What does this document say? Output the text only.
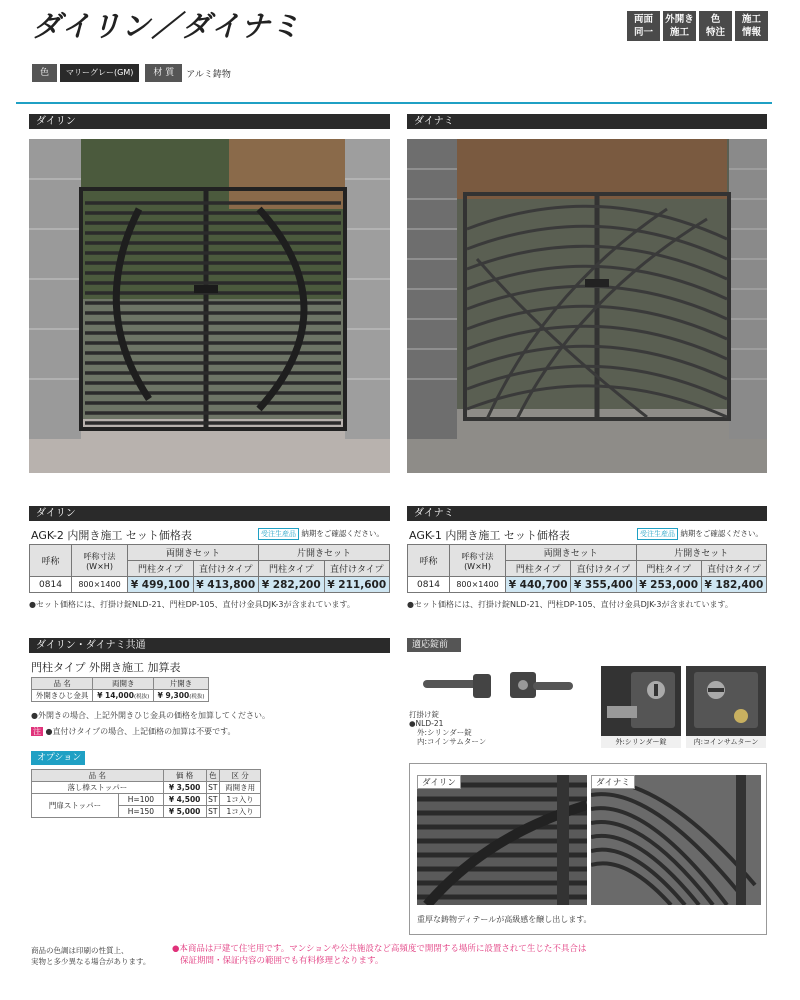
ダイリン／ダイナミ	両面
同一
外開き
施工
色
特注
施工
情報
色	マリーグレー(GM)	材 質	アルミ鋳物
ダイリン	ダイナミ
ダイリン
AGK-2 内開き施工 セット価格表	受注生産品 納期をご確認ください。
呼称	呼称寸法
(W×H)	両開きセット		片開きセット	
		門柱タイプ	直付けタイプ	門柱タイプ	直付けタイプ
0814	800×1400	¥ 499,100	¥ 413,800	¥ 282,200	¥ 211,600
●セット価格には、打掛け錠NLD-21、門柱DP-105、直付け金具DJK-3が含まれています。
ダイナミ
AGK-1 内開き施工 セット価格表	受注生産品 納期をご確認ください。
呼称	呼称寸法
(W×H)	両開きセット		片開きセット	
		門柱タイプ	直付けタイプ	門柱タイプ	直付けタイプ
0814	800×1400	¥ 440,700	¥ 355,400	¥ 253,000	¥ 182,400
●セット価格には、打掛け錠NLD-21、門柱DP-105、直付け金具DJK-3が含まれています。
ダイリン・ダイナミ共通
門柱タイプ 外開き施工 加算表
品 名	両開き	片開き
外開きひじ金具	¥ 14,000(税抜)	¥ 9,300(税抜)
●外開きの場合、上記外開きひじ金具の価格を加算してください。
注 ●直付けタイプの場合、上記価格の加算は不要です。
オプション
品 名		価 格	色	区 分
落し棒ストッパー		¥ 3,500	ST	両開き用
門扉ストッパー	H=100	¥ 4,500	ST	1コ入り
	H=150	¥ 5,000	ST	1コ入り
適応錠前
打掛け錠
●NLD-21
外:シリンダー錠
内:コインサムターン	外:シリンダー錠	内:コインサムターン
ダイリン	ダイナミ
重厚な鋳物ディテールが高級感を醸し出します。
商品の色調は印刷の性質上、
実物と多少異なる場合があります。
●本商品は戸建て住宅用です。マンションや公共施設など高頻度で開閉する場所に設置されて生じた不具合は
保証期間・保証内容の範囲でも有料修理となります。
